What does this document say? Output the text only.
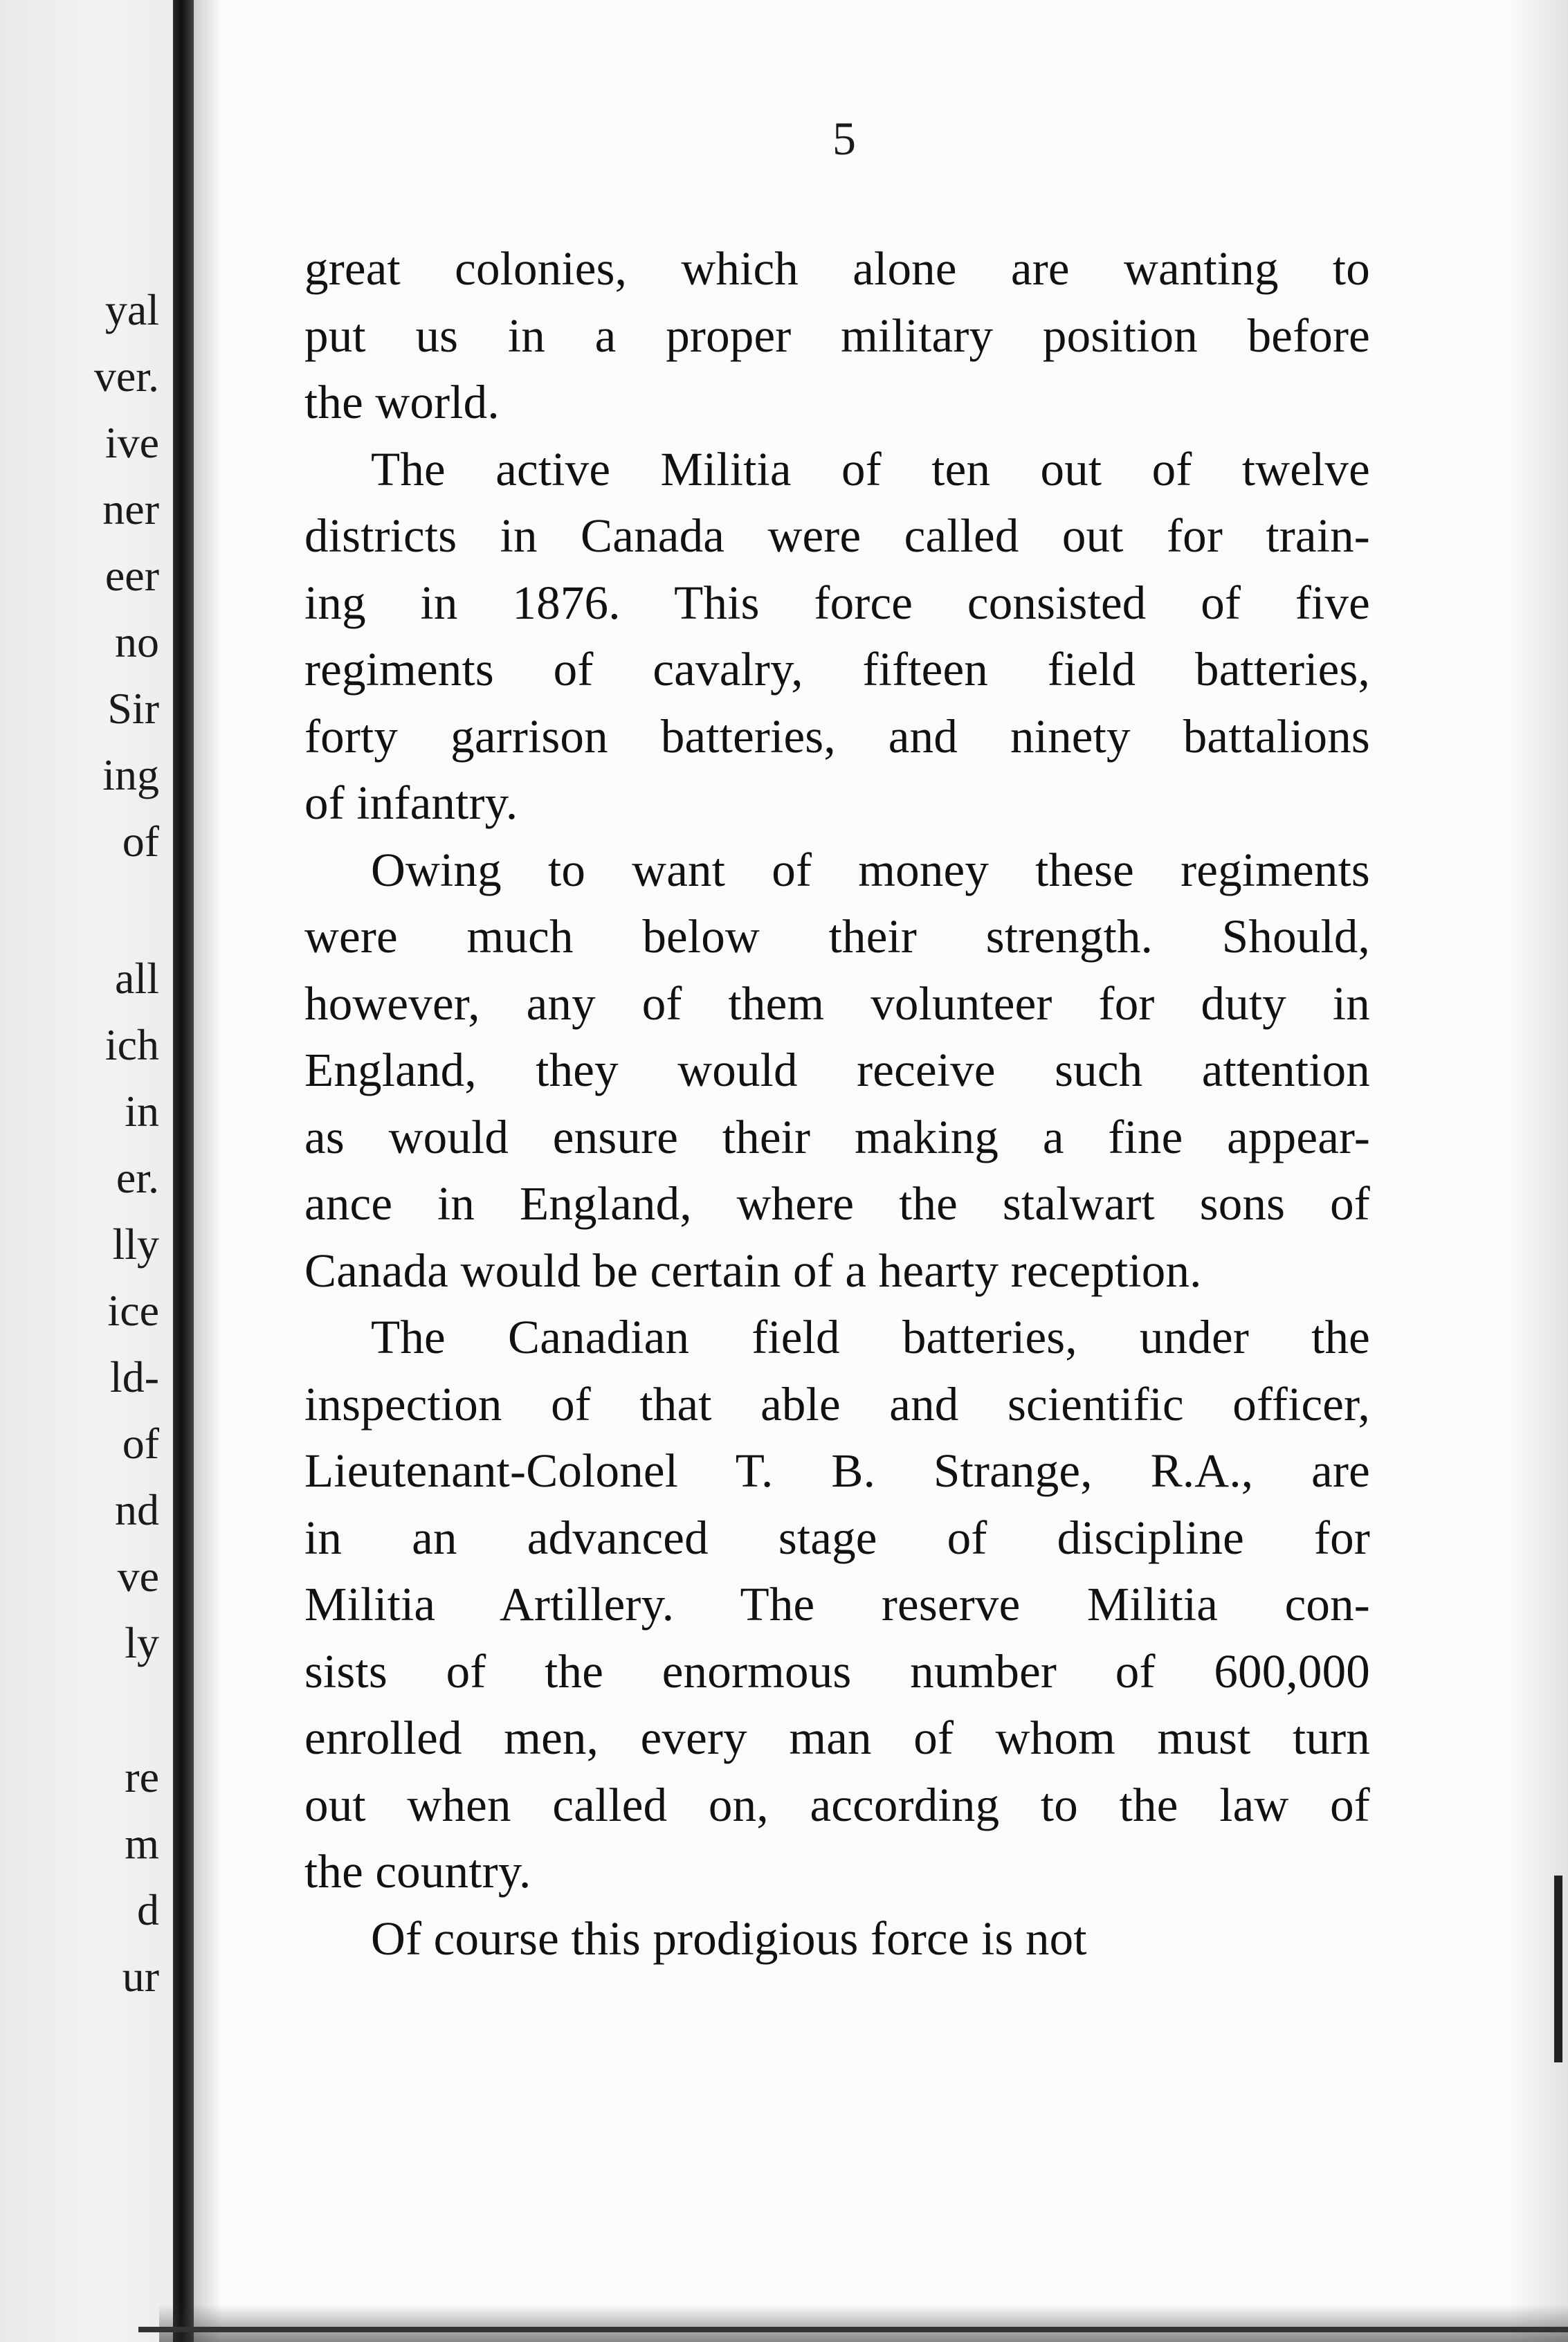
yal
ver.
ive
ner
eer
no
Sir
ing
of
all
ich
in
er.
lly
ice
ld-
of
nd
ve
ly
re
m
d
ur
5

great colonies, which alone are wanting to
put us in a proper military position before
the world.

The active Militia of ten out of twelve
districts in Canada were called out for train-
ing in 1876. This force consisted of five
regiments of cavalry, fifteen field batteries,
forty garrison batteries, and ninety battalions
of infantry.

Owing to want of money these regiments
were much below their strength. Should,
however, any of them volunteer for duty in
England, they would receive such attention
as would ensure their making a fine appear-
ance in England, where the stalwart sons of
Canada would be certain of a hearty reception.

The Canadian field batteries, under the
inspection of that able and scientific officer,
Lieutenant-Colonel T. B. Strange, R.A., are
in an advanced stage of discipline for
Militia Artillery. The reserve Militia con-
sists of the enormous number of 600,000
enrolled men, every man of whom must turn
out when called on, according to the law of
the country.

Of course this prodigious force is not
